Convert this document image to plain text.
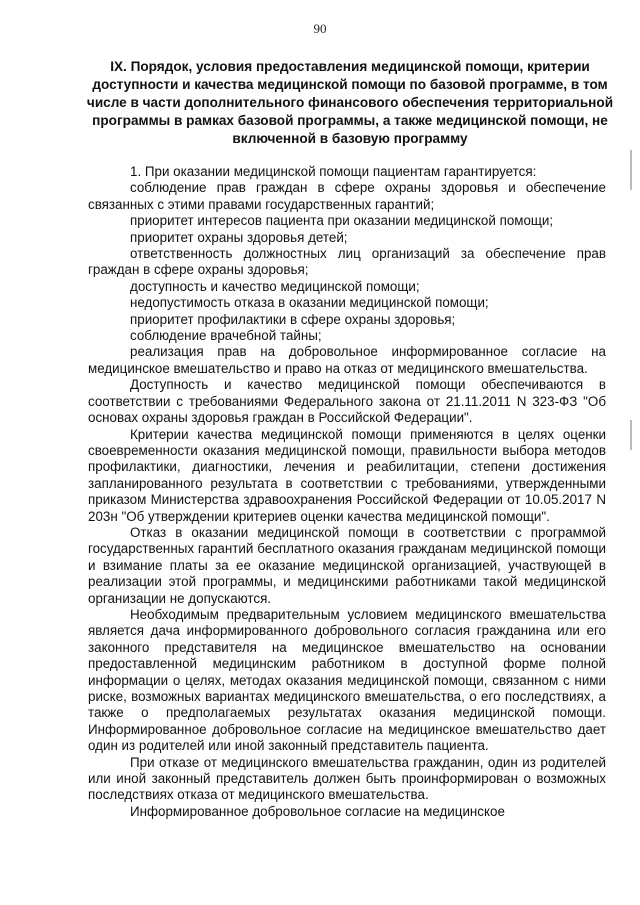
90
IX. Порядок, условия предоставления медицинской помощи, критерии доступности и качества медицинской помощи по базовой программе, в том числе в части дополнительного финансового обеспечения территориальной программы в рамках базовой программы, а также медицинской помощи, не включенной в базовую программу

1. При оказании медицинской помощи пациентам гарантируется:

соблюдение прав граждан в сфере охраны здоровья и обеспечение связанных с этими правами государственных гарантий;

приоритет интересов пациента при оказании медицинской помощи;

приоритет охраны здоровья детей;

ответственность должностных лиц организаций за обеспечение прав граждан в сфере охраны здоровья;

доступность и качество медицинской помощи;

недопустимость отказа в оказании медицинской помощи;

приоритет профилактики в сфере охраны здоровья;

соблюдение врачебной тайны;

реализация прав на добровольное информированное согласие на медицинское вмешательство и право на отказ от медицинского вмешательства.

Доступность и качество медицинской помощи обеспечиваются в соответствии с требованиями Федерального закона от 21.11.2011 N 323-ФЗ "Об основах охраны здоровья граждан в Российской Федерации".

Критерии качества медицинской помощи применяются в целях оценки своевременности оказания медицинской помощи, правильности выбора методов профилактики, диагностики, лечения и реабилитации, степени достижения запланированного результата в соответствии с требованиями, утвержденными приказом Министерства здравоохранения Российской Федерации от 10.05.2017 N 203н "Об утверждении критериев оценки качества медицинской помощи".

Отказ в оказании медицинской помощи в соответствии с программой государственных гарантий бесплатного оказания гражданам медицинской помощи и взимание платы за ее оказание медицинской организацией, участвующей в реализации этой программы, и медицинскими работниками такой медицинской организации не допускаются.

Необходимым предварительным условием медицинского вмешательства является дача информированного добровольного согласия гражданина или его законного представителя на медицинское вмешательство на основании предоставленной медицинским работником в доступной форме полной информации о целях, методах оказания медицинской помощи, связанном с ними риске, возможных вариантах медицинского вмешательства, о его последствиях, а также о предполагаемых результатах оказания медицинской помощи. Информированное добровольное согласие на медицинское вмешательство дает один из родителей или иной законный представитель пациента.

При отказе от медицинского вмешательства гражданин, один из родителей или иной законный представитель должен быть проинформирован о возможных последствиях отказа от медицинского вмешательства.

Информированное добровольное согласие на медицинское
